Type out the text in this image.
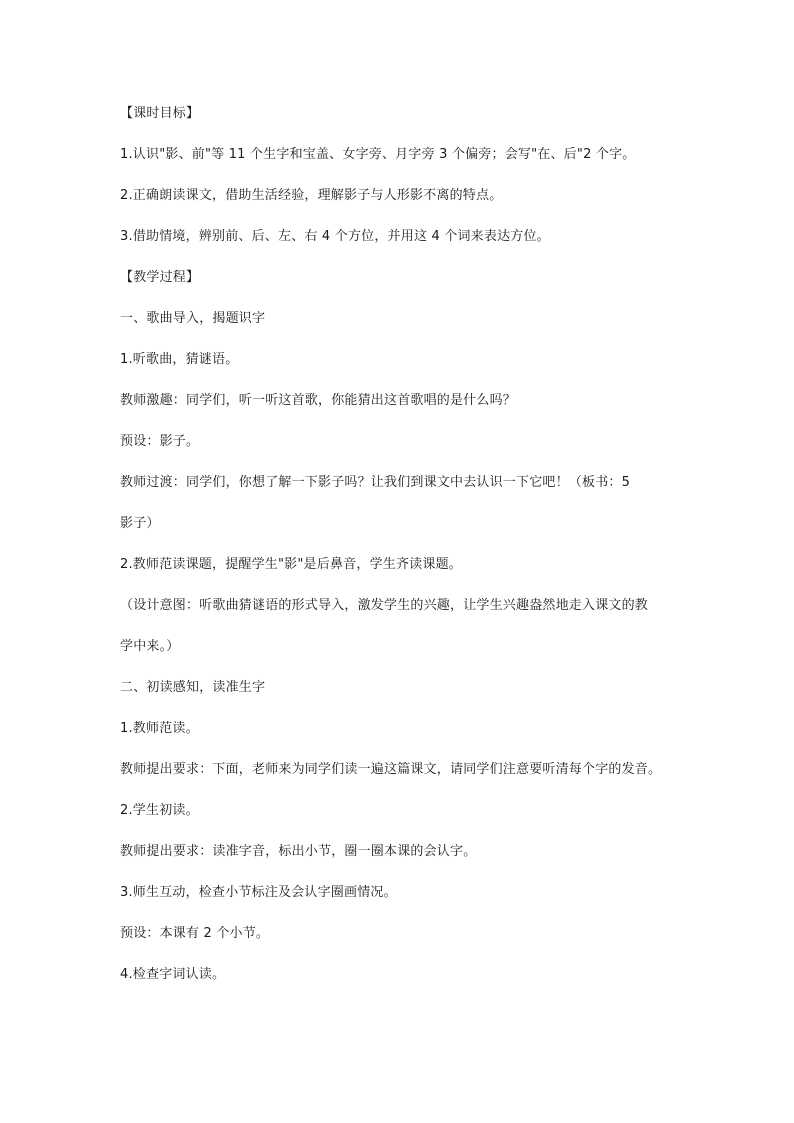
【课时目标】
1.认识"影、前"等 11 个生字和宝盖、女字旁、月字旁 3 个偏旁；会写"在、后"2 个字。
2.正确朗读课文，借助生活经验，理解影子与人形影不离的特点。
3.借助情境，辨别前、后、左、右 4 个方位，并用这 4 个词来表达方位。
【教学过程】
一、歌曲导入，揭题识字
1.听歌曲，猜谜语。
教师激趣：同学们，听一听这首歌，你能猜出这首歌唱的是什么吗？
预设：影子。
教师过渡：同学们，你想了解一下影子吗？让我们到课文中去认识一下它吧！（板书：5
影子）
2.教师范读课题，提醒学生"影"是后鼻音，学生齐读课题。
（设计意图：听歌曲猜谜语的形式导入，激发学生的兴趣，让学生兴趣盎然地走入课文的教
学中来。）
二、初读感知，读准生字
1.教师范读。
教师提出要求：下面，老师来为同学们读一遍这篇课文，请同学们注意要听清每个字的发音。
2.学生初读。
教师提出要求：读准字音，标出小节，圈一圈本课的会认字。
3.师生互动，检查小节标注及会认字圈画情况。
预设：本课有 2 个小节。
4.检查字词认读。
